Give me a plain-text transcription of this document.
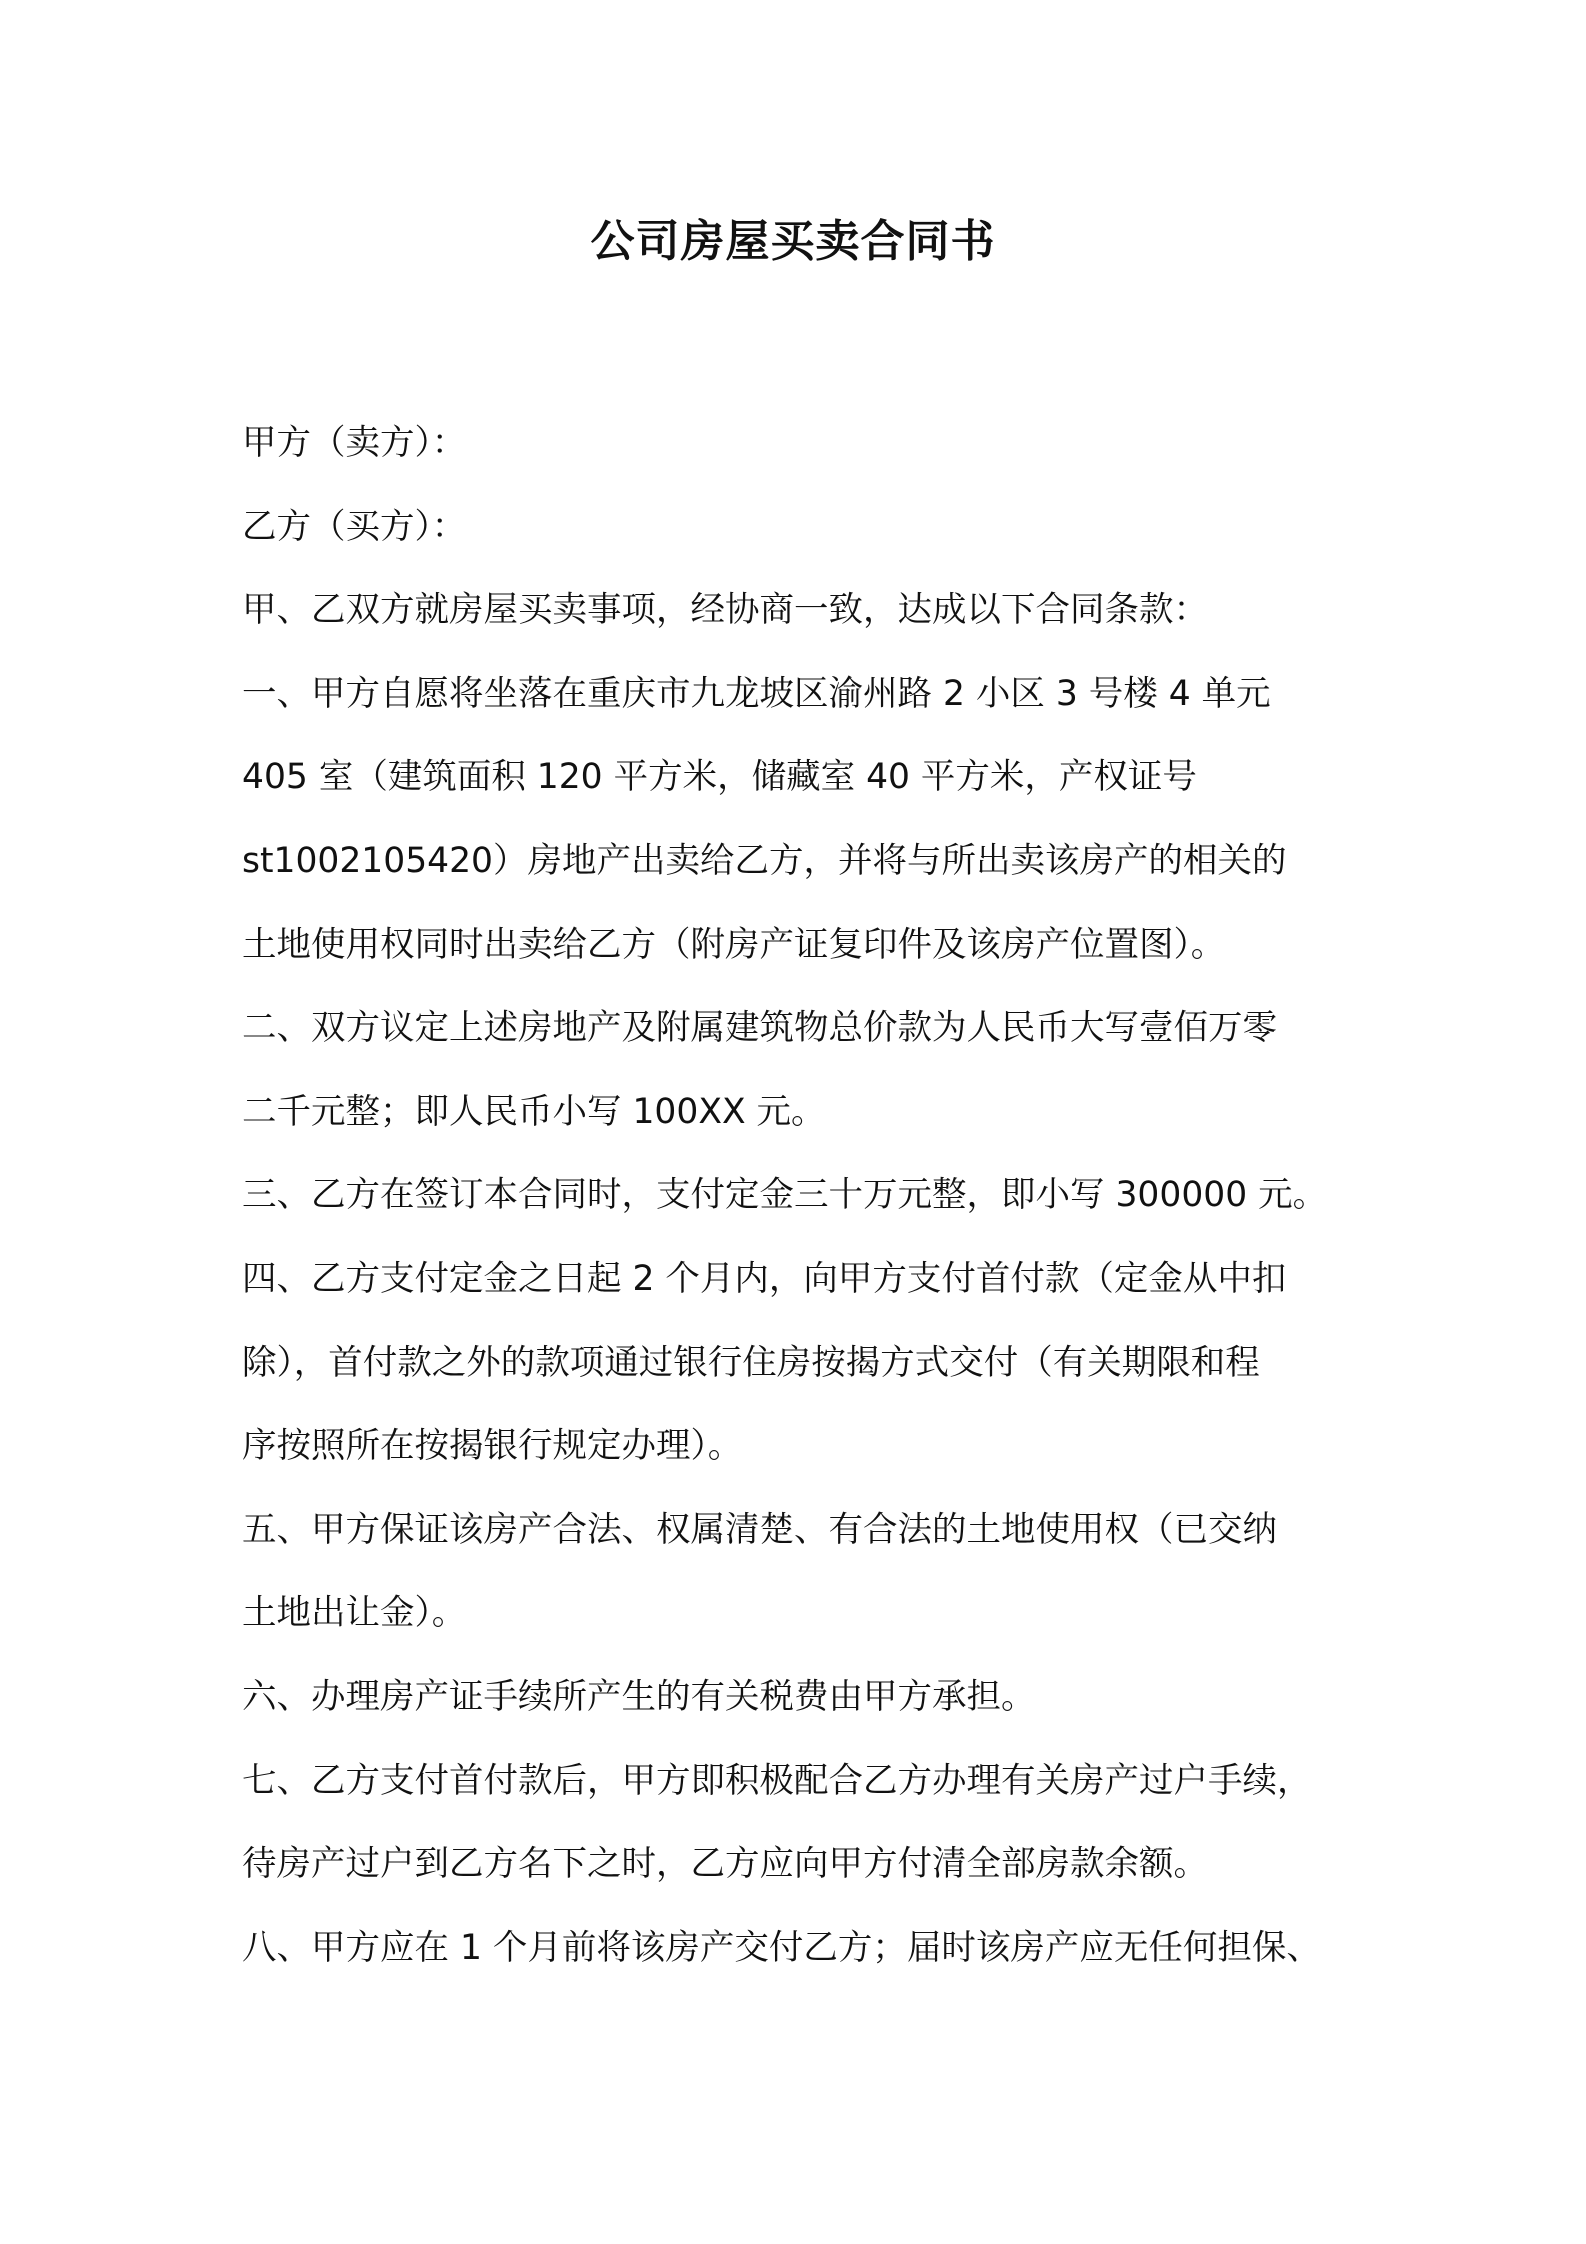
公司房屋买卖合同书
甲方（卖方）：
乙方（买方）：
甲、乙双方就房屋买卖事项，经协商一致，达成以下合同条款：
一、甲方自愿将坐落在重庆市九龙坡区渝州路 2 小区 3 号楼 4 单元
405 室（建筑面积 120 平方米，储藏室 40 平方米，产权证号
st1002105420）房地产出卖给乙方，并将与所出卖该房产的相关的
土地使用权同时出卖给乙方（附房产证复印件及该房产位置图）。
二、双方议定上述房地产及附属建筑物总价款为人民币大写壹佰万零
二千元整；即人民币小写 100XX 元。
三、乙方在签订本合同时，支付定金三十万元整，即小写 300000 元。
四、乙方支付定金之日起 2 个月内，向甲方支付首付款（定金从中扣
除），首付款之外的款项通过银行住房按揭方式交付（有关期限和程
序按照所在按揭银行规定办理）。
五、甲方保证该房产合法、权属清楚、有合法的土地使用权（已交纳
土地出让金）。
六、办理房产证手续所产生的有关税费由甲方承担。
七、乙方支付首付款后，甲方即积极配合乙方办理有关房产过户手续，
待房产过户到乙方名下之时，乙方应向甲方付清全部房款余额。
八、甲方应在 1 个月前将该房产交付乙方；届时该房产应无任何担保、
